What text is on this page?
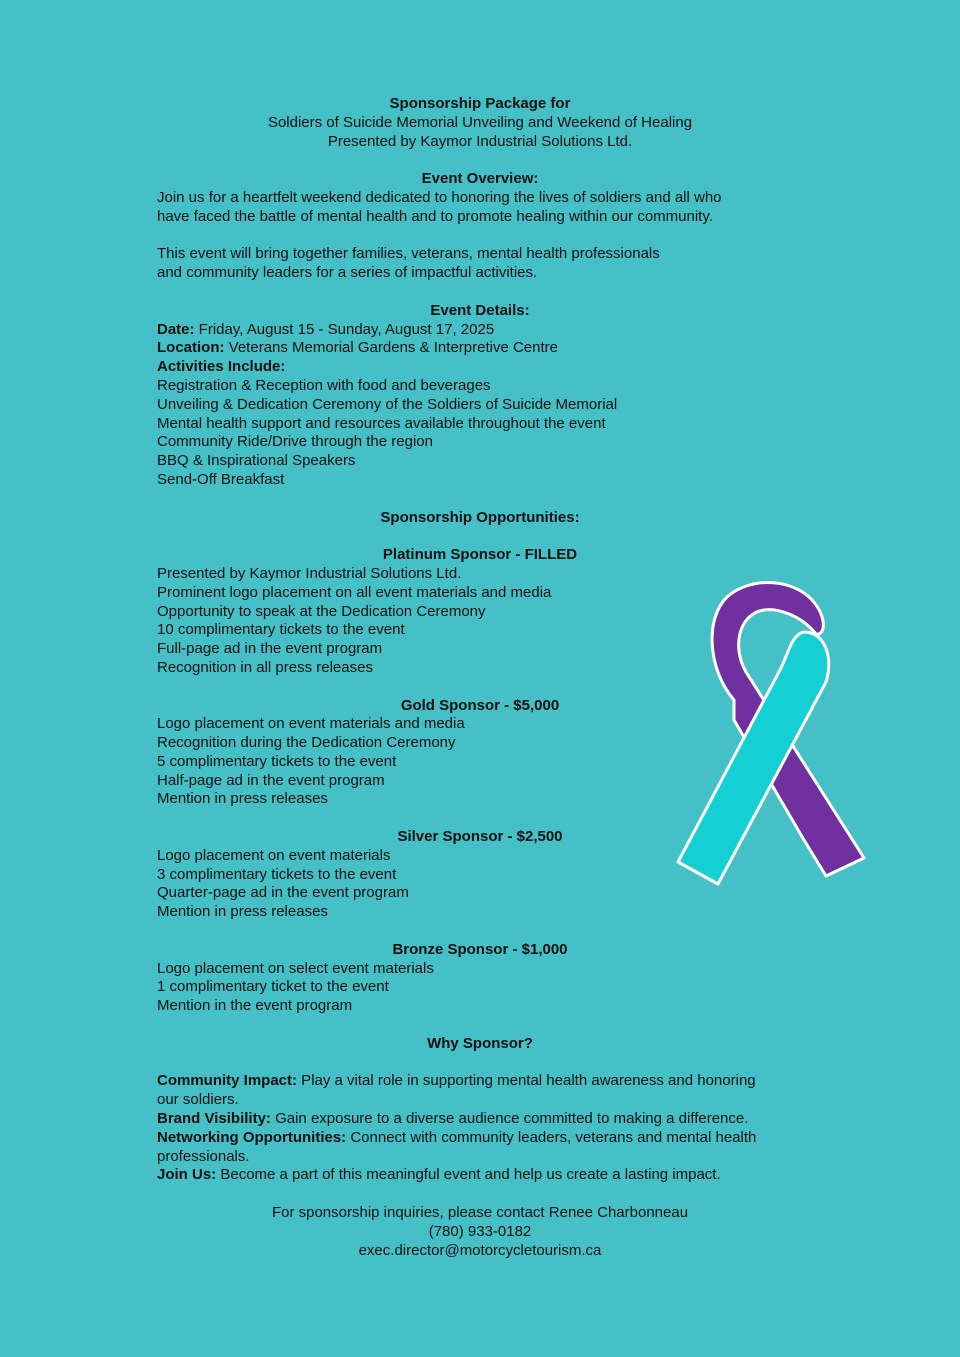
Sponsorship Package for
Soldiers of Suicide Memorial Unveiling and Weekend of Healing
Presented by Kaymor Industrial Solutions Ltd.
Event Overview:
Join us for a heartfelt weekend dedicated to honoring the lives of soldiers and all who
have faced the battle of mental health and to promote healing within our community.
This event will bring together families, veterans, mental health professionals
and community leaders for a series of impactful activities.
Event Details:
Date: Friday, August 15 - Sunday, August 17, 2025
Location: Veterans Memorial Gardens & Interpretive Centre
Activities Include:
Registration & Reception with food and beverages
Unveiling & Dedication Ceremony of the Soldiers of Suicide Memorial
Mental health support and resources available throughout the event
Community Ride/Drive through the region
BBQ & Inspirational Speakers
Send-Off Breakfast
Sponsorship Opportunities:
Platinum Sponsor - FILLED
Presented by Kaymor Industrial Solutions Ltd.
Prominent logo placement on all event materials and media
Opportunity to speak at the Dedication Ceremony
10 complimentary tickets to the event
Full-page ad in the event program
Recognition in all press releases
Gold Sponsor - $5,000
Logo placement on event materials and media
Recognition during the Dedication Ceremony
5 complimentary tickets to the event
Half-page ad in the event program
Mention in press releases
Silver Sponsor - $2,500
Logo placement on event materials
3 complimentary tickets to the event
Quarter-page ad in the event program
Mention in press releases
Bronze Sponsor - $1,000
Logo placement on select event materials
1 complimentary ticket to the event
Mention in the event program
Why Sponsor?
Community Impact: Play a vital role in supporting mental health awareness and honoring
our soldiers.
Brand Visibility: Gain exposure to a diverse audience committed to making a difference.
Networking Opportunities: Connect with community leaders, veterans and mental health
professionals.
Join Us: Become a part of this meaningful event and help us create a lasting impact.
For sponsorship inquiries, please contact Renee Charbonneau
(780) 933-0182
exec.director@motorcycletourism.ca
